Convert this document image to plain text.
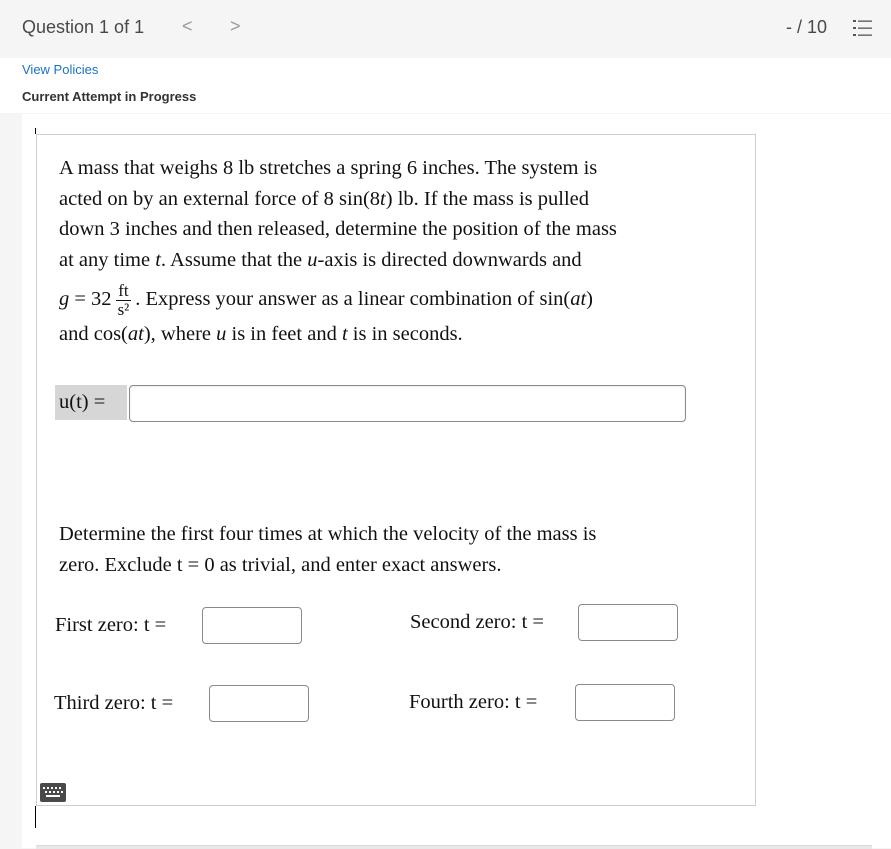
Question 1 of 1 < >	- / 10
View Policies
Current Attempt in Progress
A mass that weighs 8 lb stretches a spring 6 inches. The system is
acted on by an external force of 8 sin(8t) lb. If the mass is pulled
down 3 inches and then released, determine the position of the mass
at any time t. Assume that the u-axis is directed downwards and
$g = 32 \frac{ft}{\text{s²}}$ . Express your answer as a linear combination of sin(at)
and cos(at), where u is in feet and t is in seconds.
u(t) =
Determine the first four times at which the velocity of the mass is
zero. Exclude t = 0 as trivial, and enter exact answers.
First zero: t =	Second zero: t =
Third zero: t =	Fourth zero: t =
